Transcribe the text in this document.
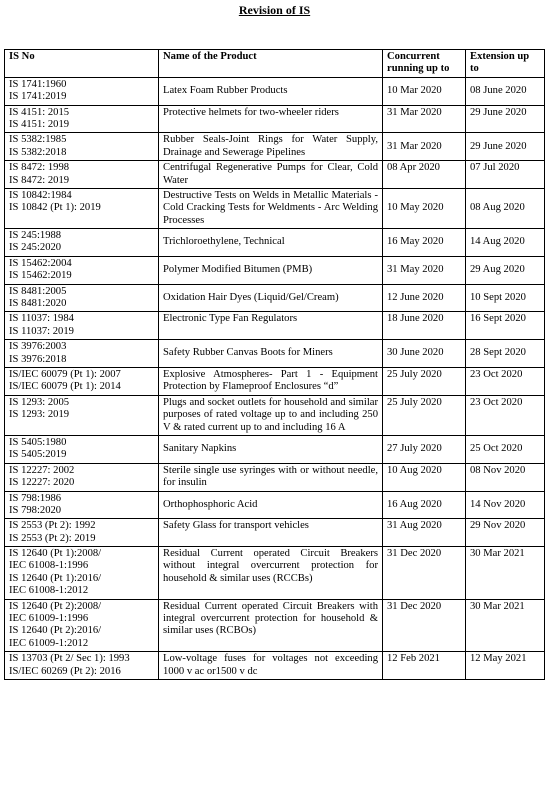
Revision of IS
IS No	Name of the Product	Concurrent running up to	Extension up to

IS 1741:1960
IS 1741:2019	Latex Foam Rubber Products	10 Mar 2020	08 June 2020

IS 4151: 2015
IS 4151: 2019	Protective helmets for two-wheeler riders	31 Mar 2020	29 June 2020

IS 5382:1985
IS 5382:2018	Rubber Seals-Joint Rings for Water Supply, Drainage and Sewerage Pipelines	31 Mar 2020	29 June 2020

IS 8472: 1998
IS 8472: 2019	Centrifugal Regenerative Pumps for Clear, Cold Water	08 Apr 2020	07 Jul 2020

IS 10842:1984
IS 10842 (Pt 1): 2019	Destructive Tests on Welds in Metallic Materials - Cold Cracking Tests for Weldments - Arc Welding Processes	10 May 2020	08 Aug 2020

IS 245:1988
IS 245:2020	Trichloroethylene, Technical	16 May 2020	14 Aug 2020

IS 15462:2004
IS 15462:2019	Polymer Modified Bitumen (PMB)	31 May 2020	29 Aug 2020

IS 8481:2005
IS 8481:2020	Oxidation Hair Dyes (Liquid/Gel/Cream)	12 June 2020	10 Sept 2020

IS 11037: 1984
IS 11037: 2019	Electronic Type Fan Regulators	18 June 2020	16 Sept 2020

IS 3976:2003
IS 3976:2018	Safety Rubber Canvas Boots for Miners	30 June 2020	28 Sept 2020

IS/IEC 60079 (Pt 1): 2007
IS/IEC 60079 (Pt 1): 2014	Explosive Atmospheres- Part 1 - Equipment Protection by Flameproof Enclosures “d”	25 July 2020	23 Oct 2020

IS 1293: 2005
IS 1293: 2019	Plugs and socket outlets for household and similar purposes of rated voltage up to and including 250 V & rated current up to and including 16 A	25 July 2020	23 Oct 2020

IS 5405:1980
IS 5405:2019	Sanitary Napkins	27 July 2020	25 Oct 2020

IS 12227: 2002
IS 12227: 2020	Sterile single use syringes with or without needle, for insulin	10 Aug 2020	08 Nov 2020

IS 798:1986
IS 798:2020	Orthophosphoric Acid	16 Aug 2020	14 Nov 2020

IS 2553 (Pt 2): 1992
IS 2553 (Pt 2): 2019	Safety Glass for transport vehicles	31 Aug 2020	29 Nov 2020

IS 12640 (Pt 1):2008/
IEC 61008-1:1996
IS 12640 (Pt 1):2016/
IEC 61008-1:2012	Residual Current operated Circuit Breakers without integral overcurrent protection for household & similar uses (RCCBs)	31 Dec 2020	30 Mar 2021

IS 12640 (Pt 2):2008/
IEC 61009-1:1996
IS 12640 (Pt 2):2016/
IEC 61009-1:2012	Residual Current operated Circuit Breakers with integral overcurrent protection for household & similar uses (RCBOs)	31 Dec 2020	30 Mar 2021

IS 13703 (Pt 2/ Sec 1): 1993
IS/IEC 60269 (Pt 2): 2016	Low-voltage fuses for voltages not exceeding 1000 v ac or1500 v dc	12 Feb 2021	12 May 2021
